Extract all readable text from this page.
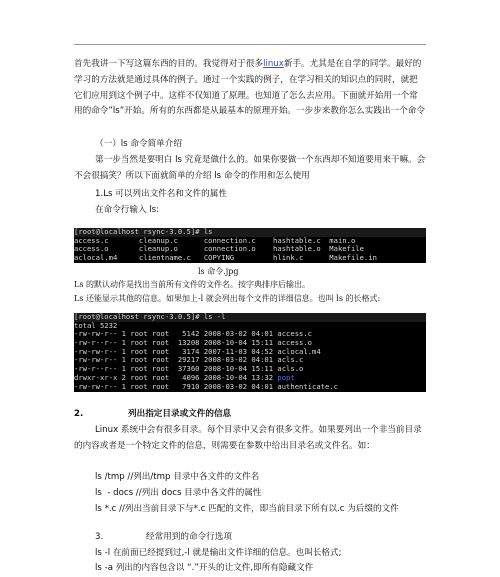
首先我讲一下写这篇东西的目的。我觉得对于很多linux新手。尤其是在自学的同学。最好的学习的方法就是通过具体的例子。通过一个实践的例子，在学习相关的知识点的同时，就把它们应用到这个例子中。这样不仅知道了原理。也知道了怎么去应用。下面就开始用一个常用的命令”ls”开始。所有的东西都是从最基本的原理开始。一步步来教你怎么实践出一个命令

（一）ls 命令简单介绍

第一步当然是要明白 ls 究竟是做什么的。如果你要做一个东西却不知道要用来干嘛。会不会很搞笑？所以下面就简单的介绍 ls 命令的作用和怎么使用

1.Ls 可以列出文件名和文件的属性

在命令行输入 ls:

[root@localhost rsync-3.0.5]# ls
access.c       cleanup.c      connection.c    hashtable.c  main.o
access.o       cleanup.o      connection.o    hashtable.o  Makefile
aclocal.m4     clientname.c   COPYING         hlink.c      Makefile.in
ls 命令.jpg

Ls 的默认动作是找出当前所有文件的文件名。按字典排序后输出。

Ls 还能显示其他的信息。如果加上-l 就会列出每个文件的详细信息。也叫 ls 的长格式:

[root@localhost rsync-3.0.5]# ls -l
total 5232
-rw-rw-r-- 1 root root   5142 2008-03-02 04:01 access.c
-rw-r--r-- 1 root root  13208 2008-10-04 15:11 access.o
-rw-rw-r-- 1 root root   3174 2007-11-03 04:52 aclocal.m4
-rw-rw-r-- 1 root root  29217 2008-03-02 04:01 acls.c
-rw-r--r-- 1 root root  37360 2008-10-04 15:11 acls.o
drwxr-xr-x 2 root root   4096 2008-10-04 13:32 popt
-rw-rw-r-- 1 root root   7910 2008-03-02 04:01 authenticate.c
2.	列出指定目录或文件的信息

Linux 系统中会有很多目录。每个目录中又会有很多文件。如果要列出一个非当前目录的内容或者是一个特定文件的信息，则需要在参数中给出目录名或文件名。如：

ls /tmp //列出/tmp 目录中各文件的文件名

ls  - docs //列出 docs 目录中各文件的属性

ls *.c //列出当前目录下与*.c 匹配的文件，即当前目录下所有以.c 为后缀的文件

3.	经常用到的命令行选项

ls -l 在前面已经提到过,-l 就是输出文件详细的信息。也叫长格式;

ls -a 列出的内容包含以 “.”开头的让文件,即所有隐藏文件
